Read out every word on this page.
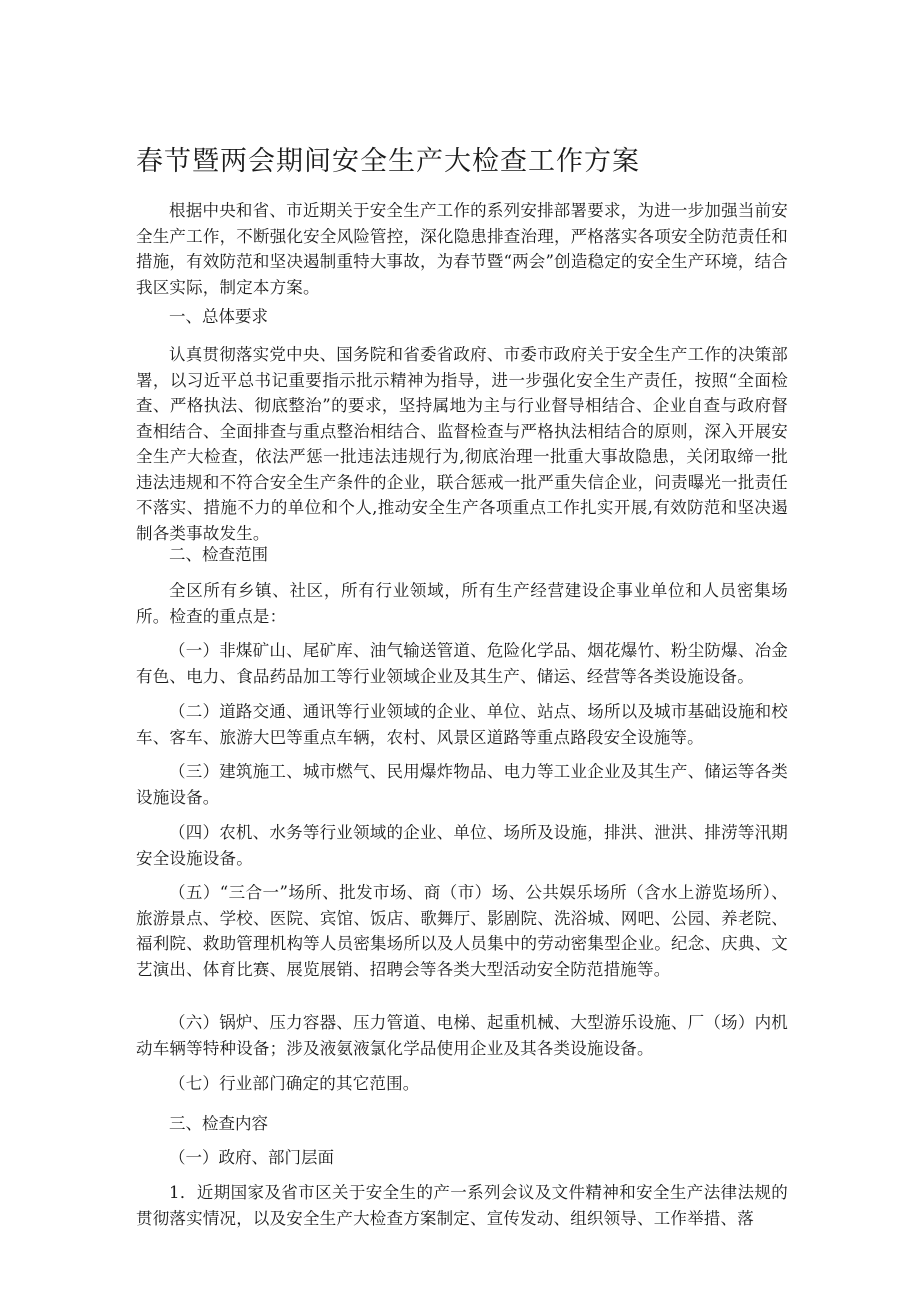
春节暨两会期间安全生产大检查工作方案

根据中央和省、市近期关于安全生产工作的系列安排部署要求，为进一步加强当前安全生产工作，不断强化安全风险管控，深化隐患排查治理，严格落实各项安全防范责任和措施，有效防范和坚决遏制重特大事故，为春节暨“两会”创造稳定的安全生产环境，结合我区实际，制定本方案。

一、总体要求

认真贯彻落实党中央、国务院和省委省政府、市委市政府关于安全生产工作的决策部署，以习近平总书记重要指示批示精神为指导，进一步强化安全生产责任，按照“全面检查、严格执法、彻底整治”的要求，坚持属地为主与行业督导相结合、企业自查与政府督查相结合、全面排查与重点整治相结合、监督检查与严格执法相结合的原则，深入开展安全生产大检查，依法严惩一批违法违规行为,彻底治理一批重大事故隐患，关闭取缔一批违法违规和不符合安全生产条件的企业，联合惩戒一批严重失信企业，问责曝光一批责任不落实、措施不力的单位和个人,推动安全生产各项重点工作扎实开展,有效防范和坚决遏制各类事故发生。

二、检查范围

全区所有乡镇、社区，所有行业领域，所有生产经营建设企事业单位和人员密集场所。检查的重点是：

（一）非煤矿山、尾矿库、油气输送管道、危险化学品、烟花爆竹、粉尘防爆、冶金有色、电力、食品药品加工等行业领域企业及其生产、储运、经营等各类设施设备。

（二）道路交通、通讯等行业领域的企业、单位、站点、场所以及城市基础设施和校车、客车、旅游大巴等重点车辆，农村、风景区道路等重点路段安全设施等。

（三）建筑施工、城市燃气、民用爆炸物品、电力等工业企业及其生产、储运等各类设施设备。

（四）农机、水务等行业领域的企业、单位、场所及设施，排洪、泄洪、排涝等汛期安全设施设备。

（五）“三合一”场所、批发市场、商（市）场、公共娱乐场所（含水上游览场所）、旅游景点、学校、医院、宾馆、饭店、歌舞厅、影剧院、洗浴城、网吧、公园、养老院、福利院、救助管理机构等人员密集场所以及人员集中的劳动密集型企业。纪念、庆典、文艺演出、体育比赛、展览展销、招聘会等各类大型活动安全防范措施等。

（六）锅炉、压力容器、压力管道、电梯、起重机械、大型游乐设施、厂（场）内机动车辆等特种设备；涉及液氨液氯化学品使用企业及其各类设施设备。

（七）行业部门确定的其它范围。

三、检查内容

（一）政府、部门层面

1．近期国家及省市区关于安全生的产一系列会议及文件精神和安全生产法律法规的贯彻落实情况，以及安全生产大检查方案制定、宣传发动、组织领导、工作举措、落
